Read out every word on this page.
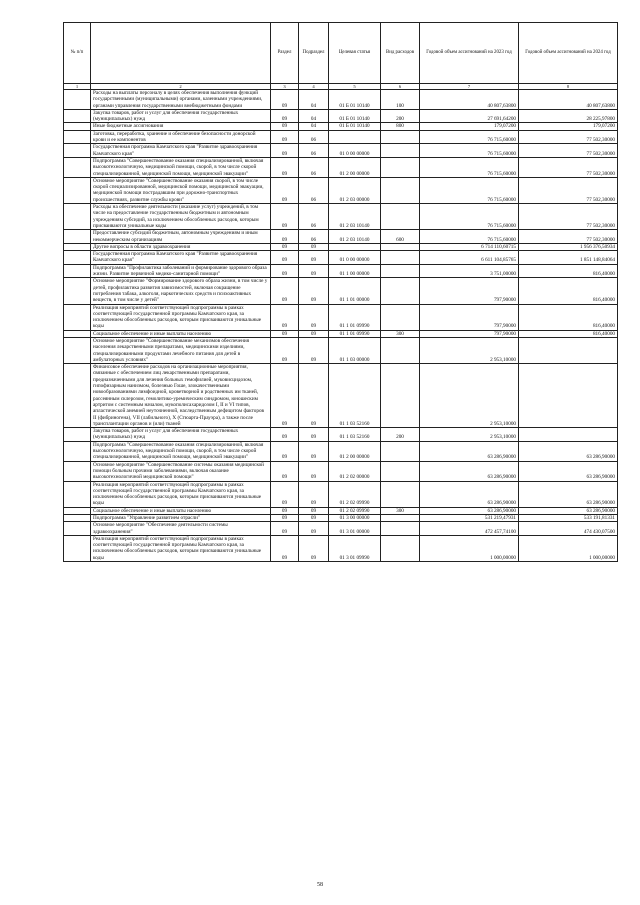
№ п/п		Раздел	Подраздел	Целевая статья	Вид расходов	Годовой объем ассигнований на 2023 год	Годовой объем ассигнований на 2024 год
1	2	3	4	5	6	7	8
	Расходы на выплаты персоналу в целях обеспечения выполнения функций государственными (муниципальными) органами, казенными учреждениями, органами управления государственными внебюджетными фондами	09	04	01 Б 01 10140	100	40 807,63800	40 807,63800
	Закупка товаров, работ и услуг для обеспечения государственных (муниципальных) нужд	09	04	01 Б 01 10140	200	27 691,64200	28 225,97800
	Иные бюджетные ассигнования	09	04	01 Б 01 10140	800	179,07200	179,07200
	Заготовка, переработка, хранение и обеспечение безопасности донорской крови и ее компонентов	09	06			76 715,60000	77 502,30000
	Государственная программа Камчатского края "Развитие здравоохранения Камчатского края"	09	06	01 0 00 00000		76 715,60000	77 502,30000
	Подпрограмма "Совершенствование оказания специализированной, включая высокотехнологичную, медицинской помощи, скорой, в том числе скорой специализированной, медицинской помощи, медицинской эвакуации"	09	06	01 2 00 00000		76 715,60000	77 502,30000
	Основное мероприятие "Совершенствование оказания скорой, в том числе скорой специализированной, медицинской помощи, медицинской эвакуации, медицинской помощи пострадавшим при дорожно-транспортных происшествиях, развитие службы крови"	09	06	01 2 03 00000		76 715,60000	77 502,30000
	Расходы на обеспечение деятельности (оказание услуг) учреждений, в том числе на предоставление государственным бюджетным и автономным учреждениям субсидий, за исключением обособленных расходов, которым присваиваются уникальные коды	09	06	01 2 03 10140		76 715,60000	77 502,30000
	Предоставление субсидий бюджетным, автономным учреждениям и иным некоммерческим организациям	09	06	01 2 03 10140	600	76 715,60000	77 502,30000
	Другие вопросы в области здравоохранения	09	09			6 714 110,60715	1 956 376,50934
	Государственная программа Камчатского края "Развитие здравоохранения Камчатского края"	09	09	01 0 00 00000		6 611 104,85765	1 851 148,84064
	Подпрограмма "Профилактика заболеваний и формирование здорового образа жизни. Развитие первичной медико-санитарной помощи"	09	09	01 1 00 00000		3 751,00000	816,40000
	Основное мероприятие "Формирование здорового образа жизни, в том числе у детей, профилактика развития зависимостей, включая сокращение потребления табака, алкоголя, наркотических средств и психоактивных веществ, в том числе у детей"	09	09	01 1 01 00000		797,90000	816,40000
	Реализация мероприятий соответствующей подпрограммы в рамках соответствующей государственной программы Камчатского края, за исключением обособленных расходов, которым присваиваются уникальные коды	09	09	01 1 01 09990		797,90000	816,40000
	Социальное обеспечение и иные выплаты населению	09	09	01 1 01 09990	300	797,90000	816,40000
	Основное мероприятие "Совершенствование механизмов обеспечения населения лекарственными препаратами, медицинскими изделиями, специализированными продуктами лечебного питания для детей в амбулаторных условиях"	09	09	01 1 03 00000		2 953,10000	
	Финансовое обеспечение расходов на организационные мероприятия, связанные с обеспечением лиц лекарственными препаратами, предназначенными для лечения больных гемофилией, муковисцидозом, гипофизарным нанизмом, болезнью Гоше, злокачественными новообразованиями лимфоидной, кроветворной и родственных им тканей, рассеянным склерозом, гемолитико-уремическим синдромом, юношеским артритом с системным началом, мукополисахаридозом I, II и VI типов, апластической анемией неуточненной, наследственным дефицитом факторов II (фибриногена), VII (лабильного), X (Стюарта-Прауэра), а также после трансплантации органов и (или) тканей	09	09	01 1 03 52160		2 953,10000	
	Закупка товаров, работ и услуг для обеспечения государственных (муниципальных) нужд	09	09	01 1 03 52160	200	2 953,10000	
	Подпрограмма "Совершенствование оказания специализированной, включая высокотехнологичную, медицинской помощи, скорой, в том числе скорой специализированной, медицинской помощи, медицинской эвакуации"	09	09	01 2 00 00000		63 286,90000	63 286,90000
	Основное мероприятие "Совершенствование системы оказания медицинской помощи больным прочими заболеваниями, включая оказание высокотехнологичной медицинской помощи"	09	09	01 2 02 00000		63 286,90000	63 286,90000
	Реализация мероприятий соответствующей подпрограммы в рамках соответствующей государственной программы Камчатского края, за исключением обособленных расходов, которым присваиваются уникальные коды	09	09	01 2 02 09990		63 286,90000	63 286,90000
	Социальное обеспечение и иные выплаты населению	09	09	01 2 02 09990	300	63 286,90000	63 286,90000
	Подпрограмма "Управление развитием отрасли"	09	09	01 3 00 00000		531 219,47931	533 191,81331
	Основное мероприятие "Обеспечение деятельности системы здравоохранения"	09	09	01 3 01 00000		472 457,74100	474 430,07500
	Реализация мероприятий соответствующей подпрограммы в рамках соответствующей государственной программы Камчатского края, за исключением обособленных расходов, которым присваиваются уникальные коды	09	09	01 3 01 09990		1 000,00000	1 000,00000
58
